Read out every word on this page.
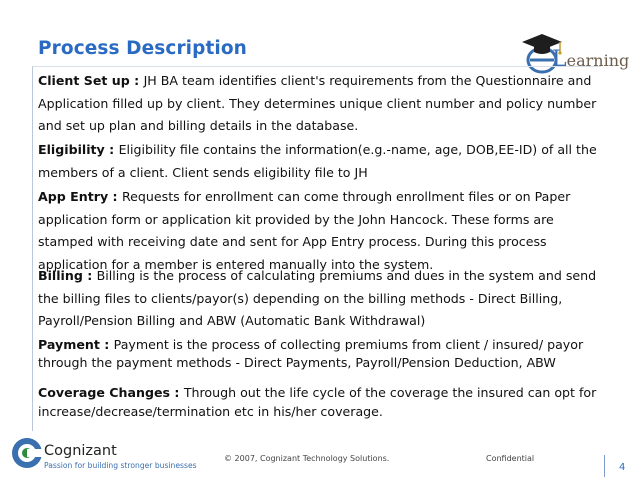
Process Description	Learning
Client Set up : JH BA team identifies client's requirements from the Questionnaire and Application filled up by client. They determines unique client number and policy number and set up plan and billing details in the database.
Eligibility : Eligibility file contains the information(e.g.-name, age, DOB,EE-ID) of all the members of a client. Client sends eligibility file to JH
App Entry : Requests for enrollment can come through enrollment files or on Paper application form or application kit provided by the John Hancock. These forms are stamped with receiving date and sent for App Entry process. During this process application for a member is entered manually into the system.
Billing : Billing is the process of calculating premiums and dues in the system and send the billing files to clients/payor(s) depending on the billing methods - Direct Billing, Payroll/Pension Billing and ABW (Automatic Bank Withdrawal)
Payment : Payment is the process of collecting premiums from client / insured/ payor through the payment methods - Direct Payments, Payroll/Pension Deduction, ABW
Coverage Changes : Through out the life cycle of the coverage the insured can opt for increase/decrease/termination etc in his/her coverage.
Cognizant
Passion for building stronger businesses
© 2007, Cognizant Technology Solutions.	Confidential
4
